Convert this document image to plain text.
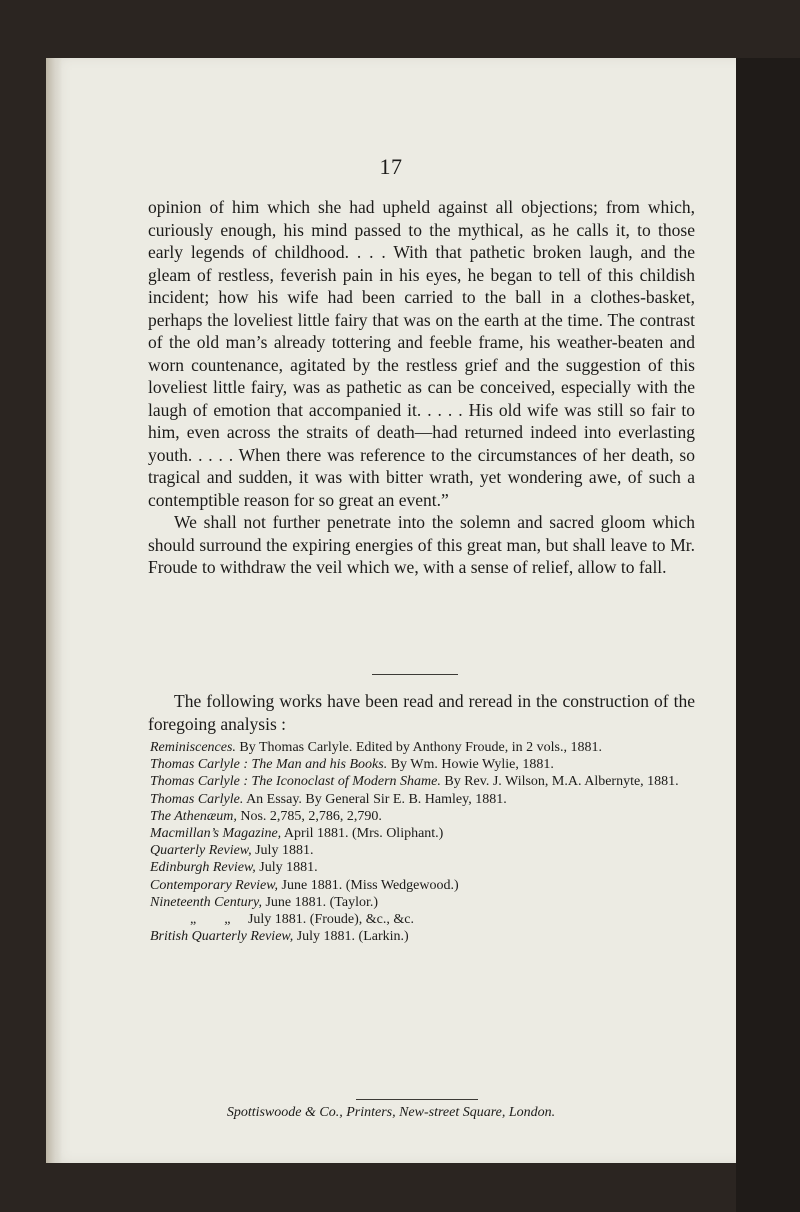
17

opinion of him which she had upheld against all objections; from which, curiously enough, his mind passed to the mythical, as he calls it, to those early legends of childhood. . . . With that pathetic broken laugh, and the gleam of restless, feverish pain in his eyes, he began to tell of this childish incident; how his wife had been carried to the ball in a clothes-basket, perhaps the loveliest little fairy that was on the earth at the time. The contrast of the old man’s already tottering and feeble frame, his weather-beaten and worn countenance, agitated by the restless grief and the suggestion of this loveliest little fairy, was as pathetic as can be conceived, especially with the laugh of emotion that accompanied it. . . . . His old wife was still so fair to him, even across the straits of death—had returned indeed into everlasting youth. . . . . When there was reference to the circumstances of her death, so tragical and sudden, it was with bitter wrath, yet wondering awe, of such a contemptible reason for so great an event.”

We shall not further penetrate into the solemn and sacred gloom which should surround the expiring energies of this great man, but shall leave to Mr. Froude to withdraw the veil which we, with a sense of relief, allow to fall.

The following works have been read and reread in the construction of the foregoing analysis :
Reminiscences. By Thomas Carlyle. Edited by Anthony Froude, in 2 vols., 1881.
Thomas Carlyle : The Man and his Books. By Wm. Howie Wylie, 1881.
Thomas Carlyle : The Iconoclast of Modern Shame. By Rev. J. Wilson, M.A. Albernyte, 1881.
Thomas Carlyle. An Essay. By General Sir E. B. Hamley, 1881.
The Athenæum, Nos. 2,785, 2,786, 2,790.
Macmillan’s Magazine, April 1881. (Mrs. Oliphant.)
Quarterly Review, July 1881.
Edinburgh Review, July 1881.
Contemporary Review, June 1881. (Miss Wedgewood.)
Nineteenth Century, June 1881. (Taylor.)
„        „     July 1881. (Froude), &c., &c.
British Quarterly Review, July 1881. (Larkin.)
Spottiswoode & Co., Printers, New-street Square, London.
